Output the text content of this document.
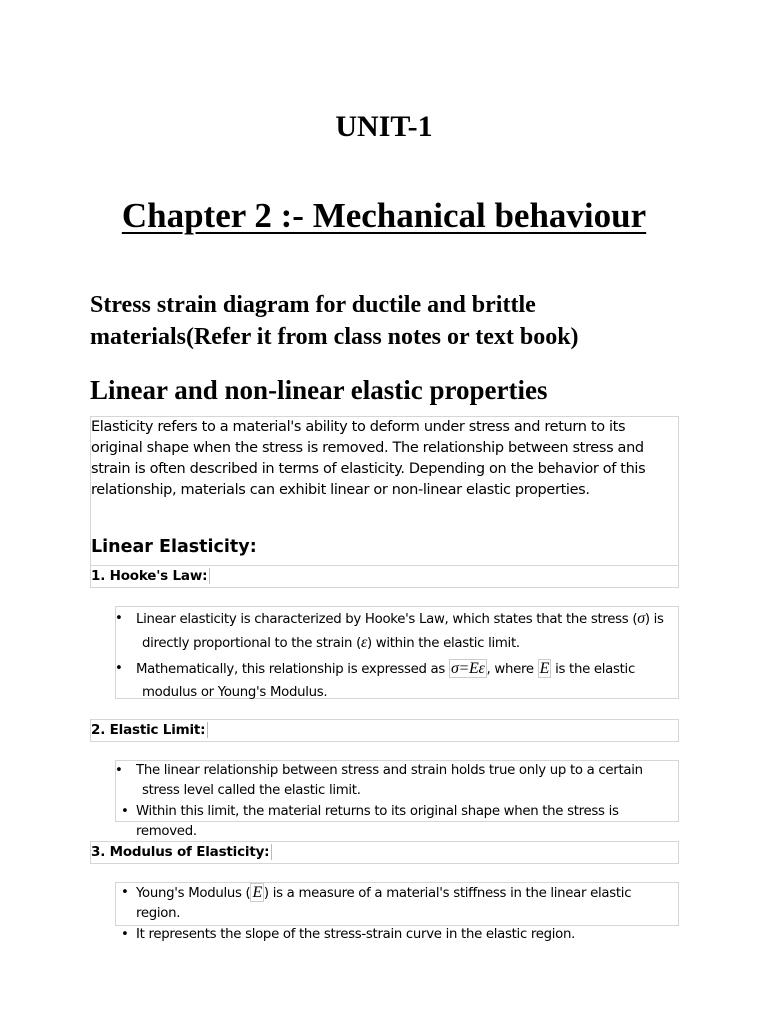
UNIT-1
Chapter 2 :- Mechanical behaviour
Stress strain diagram for ductile and brittle materials(Refer it from class notes or text book)
Linear and non-linear elastic properties
Elasticity refers to a material's ability to deform under stress and return to its original shape when the stress is removed. The relationship between stress and strain is often described in terms of elasticity. Depending on the behavior of this relationship, materials can exhibit linear or non-linear elastic properties.
Linear Elasticity:
1. Hooke's Law:
• Linear elasticity is characterized by Hooke's Law, which states that the stress (σ) is directly proportional to the strain (ε) within the elastic limit.
• Mathematically, this relationship is expressed as σ=Eε , where E is the elastic modulus or Young's Modulus.
2. Elastic Limit:
• The linear relationship between stress and strain holds true only up to a certain stress level called the elastic limit.
• Within this limit, the material returns to its original shape when the stress is removed.
3. Modulus of Elasticity:
• Young's Modulus ( E ) is a measure of a material's stiffness in the linear elastic region.
• It represents the slope of the stress-strain curve in the elastic region.
